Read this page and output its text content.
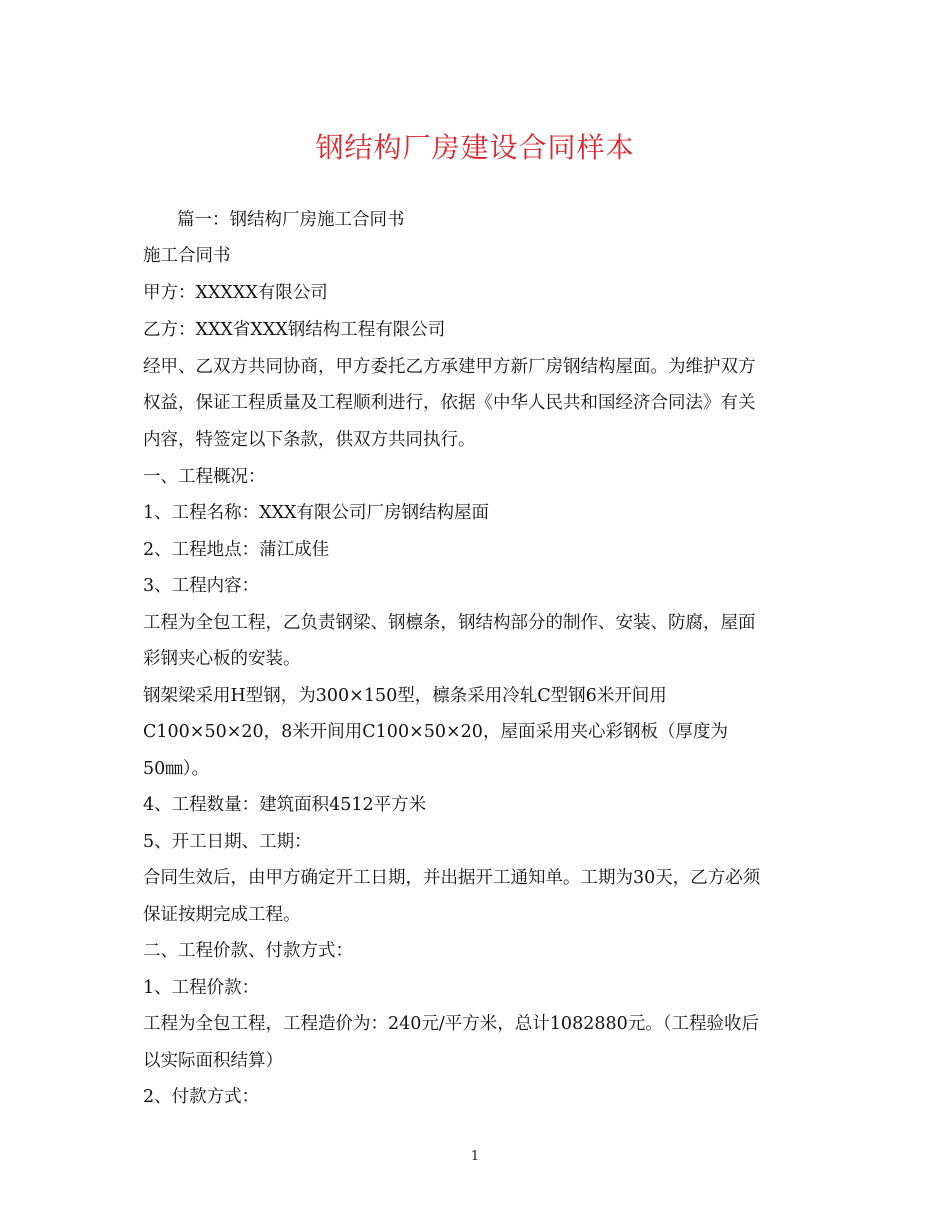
钢结构厂房建设合同样本
篇一：钢结构厂房施工合同书
施工合同书
甲方：XXXXX有限公司
乙方：XXX省XXX钢结构工程有限公司
经甲、乙双方共同协商，甲方委托乙方承建甲方新厂房钢结构屋面。为维护双方
权益，保证工程质量及工程顺利进行，依据《中华人民共和国经济合同法》有关
内容，特签定以下条款，供双方共同执行。
一、工程概况：
1、工程名称：XXX有限公司厂房钢结构屋面
2、工程地点：蒲江成佳
3、工程内容：
工程为全包工程，乙负责钢梁、钢檩条，钢结构部分的制作、安装、防腐，屋面
彩钢夹心板的安装。
钢架梁采用H型钢，为300×150型，檩条采用冷轧C型钢6米开间用
C100×50×20，8米开间用C100×50×20，屋面采用夹心彩钢板（厚度为
50㎜）。
4、工程数量：建筑面积4512平方米
5、开工日期、工期：
合同生效后，由甲方确定开工日期，并出据开工通知单。工期为30天，乙方必须
保证按期完成工程。
二、工程价款、付款方式：
1、工程价款：
工程为全包工程，工程造价为：240元/平方米，总计1082880元。（工程验收后
以实际面积结算）
2、付款方式：
1
